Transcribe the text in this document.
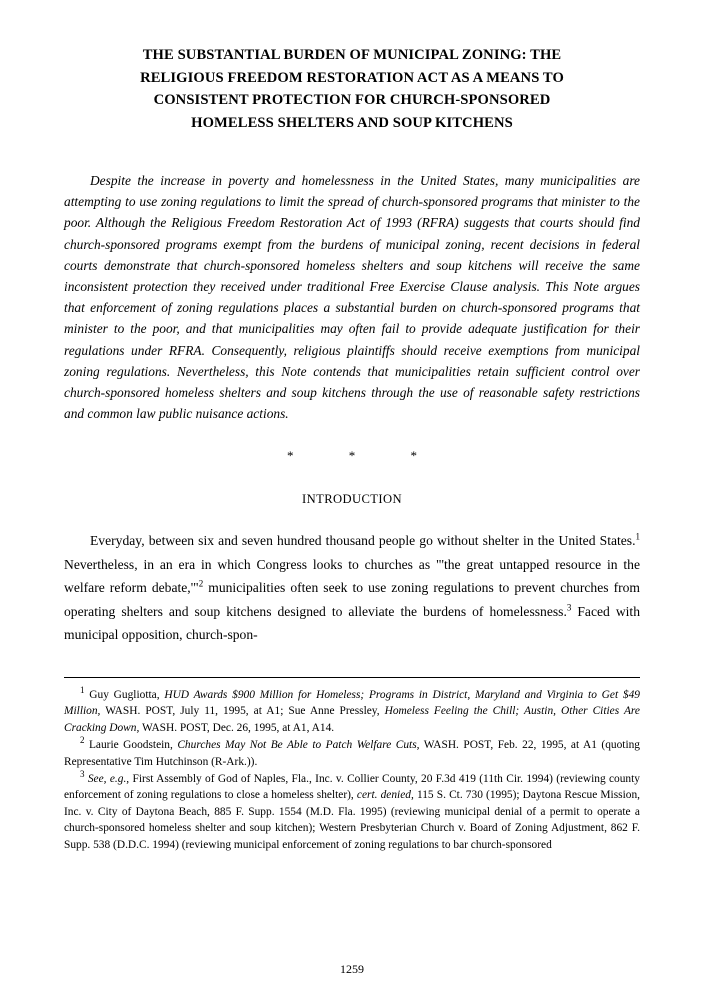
THE SUBSTANTIAL BURDEN OF MUNICIPAL ZONING: THE
RELIGIOUS FREEDOM RESTORATION ACT AS A MEANS TO
CONSISTENT PROTECTION FOR CHURCH-SPONSORED
HOMELESS SHELTERS AND SOUP KITCHENS
Despite the increase in poverty and homelessness in the United States, many municipalities are attempting to use zoning regulations to limit the spread of church-sponsored programs that minister to the poor. Although the Religious Freedom Restoration Act of 1993 (RFRA) suggests that courts should find church-sponsored programs exempt from the burdens of municipal zoning, recent decisions in federal courts demonstrate that church-sponsored homeless shelters and soup kitchens will receive the same inconsistent protection they received under traditional Free Exercise Clause analysis. This Note argues that enforcement of zoning regulations places a substantial burden on church-sponsored programs that minister to the poor, and that municipalities may often fail to provide adequate justification for their regulations under RFRA. Consequently, religious plaintiffs should receive exemptions from municipal zoning regulations. Nevertheless, this Note contends that municipalities retain sufficient control over church-sponsored homeless shelters and soup kitchens through the use of reasonable safety restrictions and common law public nuisance actions.
* * *
INTRODUCTION

Everyday, between six and seven hundred thousand people go without shelter in the United States.$^1$ Nevertheless, in an era in which Congress looks to churches as "'the great untapped resource in the welfare reform debate,'"$^2$ municipalities often seek to use zoning regulations to prevent churches from operating shelters and soup kitchens designed to alleviate the burdens of homelessness.$^3$ Faced with municipal opposition, church-spon-

$^1$ Guy Gugliotta, HUD Awards $900 Million for Homeless; Programs in District, Maryland and Virginia to Get $49 Million, WASH. POST, July 11, 1995, at A1; Sue Anne Pressley, Homeless Feeling the Chill; Austin, Other Cities Are Cracking Down, WASH. POST, Dec. 26, 1995, at A1, A14.

$^2$ Laurie Goodstein, Churches May Not Be Able to Patch Welfare Cuts, WASH. POST, Feb. 22, 1995, at A1 (quoting Representative Tim Hutchinson (R-Ark.)).

$^3$ See, e.g., First Assembly of God of Naples, Fla., Inc. v. Collier County, 20 F.3d 419 (11th Cir. 1994) (reviewing county enforcement of zoning regulations to close a homeless shelter), cert. denied, 115 S. Ct. 730 (1995); Daytona Rescue Mission, Inc. v. City of Daytona Beach, 885 F. Supp. 1554 (M.D. Fla. 1995) (reviewing municipal denial of a permit to operate a church-sponsored homeless shelter and soup kitchen); Western Presbyterian Church v. Board of Zoning Adjustment, 862 F. Supp. 538 (D.D.C. 1994) (reviewing municipal enforcement of zoning regulations to bar church-sponsored

1259
